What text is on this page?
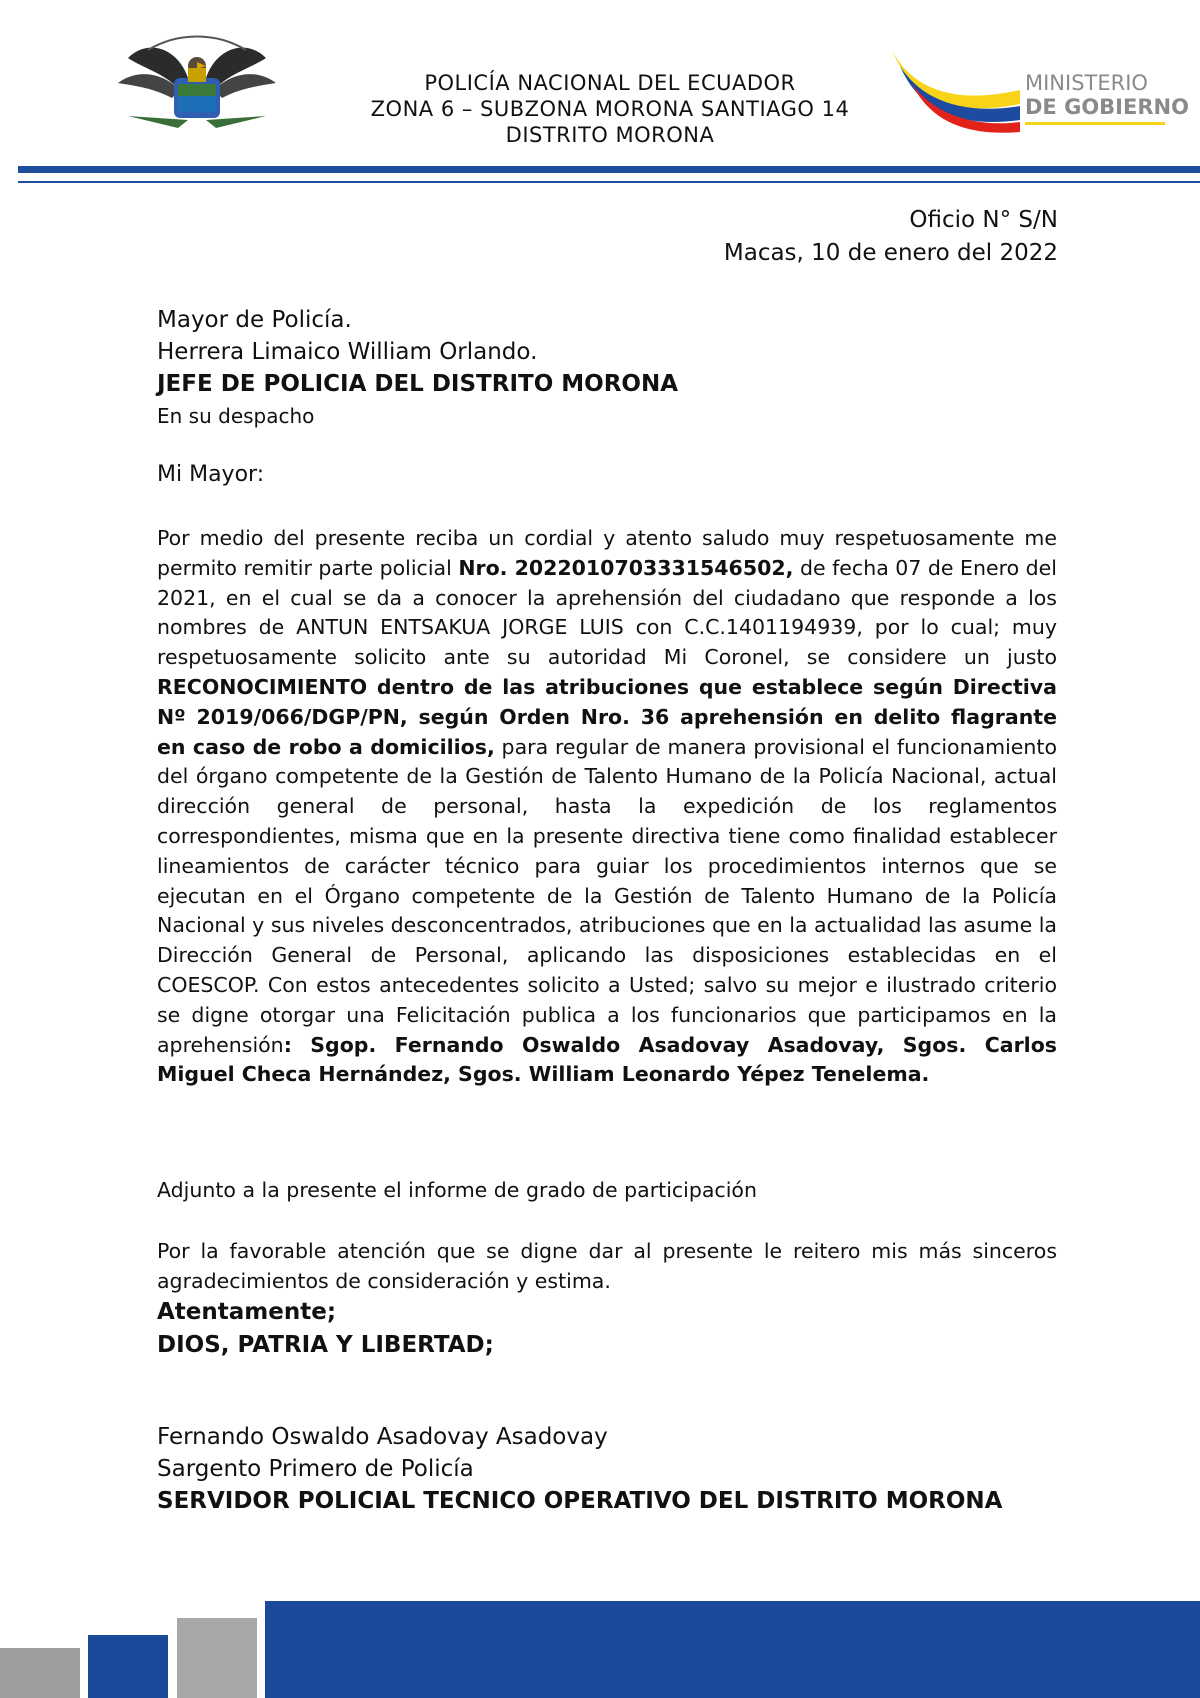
POLICÍA NACIONAL DEL ECUADOR
ZONA 6 – SUBZONA MORONA SANTIAGO 14
DISTRITO MORONA
MINISTERIO
DE GOBIERNO
Oficio N° S/N
Macas, 10 de enero del 2022
Mayor de Policía.
Herrera Limaico William Orlando.
JEFE DE POLICIA DEL DISTRITO MORONA
En su despacho
Mi Mayor:
Por medio del presente reciba un cordial y atento saludo muy respetuosamente me permito remitir parte policial Nro. 2022010703331546502, de fecha 07 de Enero del 2021, en el cual se da a conocer la aprehensión del ciudadano que responde a los nombres de ANTUN ENTSAKUA JORGE LUIS con C.C.1401194939, por lo cual; muy respetuosamente solicito ante su autoridad Mi Coronel, se considere un justo RECONOCIMIENTO dentro de las atribuciones que establece según Directiva Nº 2019/066/DGP/PN, según Orden Nro. 36 aprehensión en delito flagrante en caso de robo a domicilios, para regular de manera provisional el funcionamiento del órgano competente de la Gestión de Talento Humano de la Policía Nacional, actual dirección general de personal, hasta la expedición de los reglamentos correspondientes, misma que en la presente directiva tiene como finalidad establecer lineamientos de carácter técnico para guiar los procedimientos internos que se ejecutan en el Órgano competente de la Gestión de Talento Humano de la Policía Nacional y sus niveles desconcentrados, atribuciones que en la actualidad las asume la Dirección General de Personal, aplicando las disposiciones establecidas en el COESCOP. Con estos antecedentes solicito a Usted; salvo su mejor e ilustrado criterio se digne otorgar una Felicitación publica a los funcionarios que participamos en la aprehensión: Sgop. Fernando Oswaldo Asadovay Asadovay, Sgos. Carlos Miguel Checa Hernández, Sgos. William Leonardo Yépez Tenelema.
Adjunto a la presente el informe de grado de participación
Por la favorable atención que se digne dar al presente le reitero mis más sinceros agradecimientos de consideración y estima.
Atentamente;
DIOS, PATRIA Y LIBERTAD;
Fernando Oswaldo Asadovay Asadovay
Sargento Primero de Policía
SERVIDOR POLICIAL TECNICO OPERATIVO DEL DISTRITO MORONA
